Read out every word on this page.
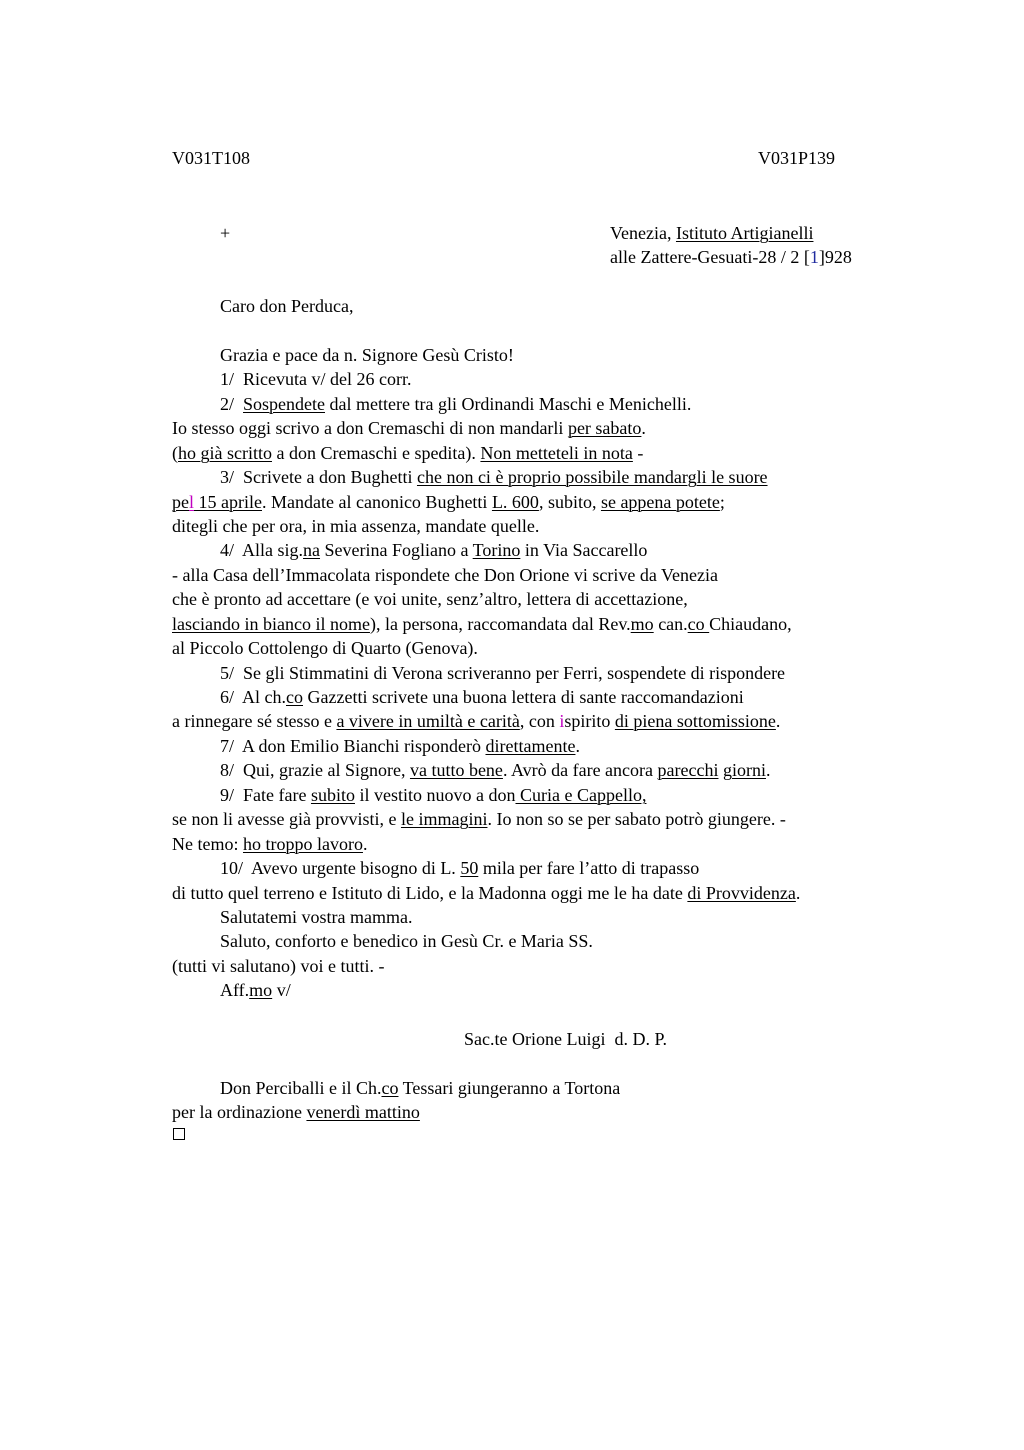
V031T108	V031P139
+	Venezia, Istituto Artigianelli
alle Zattere-Gesuati-28 / 2 [1]928
Caro don Perduca,
Grazia e pace da n. Signore Gesù Cristo!
1/  Ricevuta v/ del 26 corr.
2/  Sospendete dal mettere tra gli Ordinandi Maschi e Menichelli.
Io stesso oggi scrivo a don Cremaschi di non mandarli per sabato.
(ho già scritto a don Cremaschi e spedita). Non metteteli in nota -
3/  Scrivete a don Bughetti che non ci è proprio possibile mandargli le suore
pel 15 aprile. Mandate al canonico Bughetti L. 600, subito, se appena potete;
ditegli che per ora, in mia assenza, mandate quelle.
4/  Alla sig.na Severina Fogliano a Torino in Via Saccarello
- alla Casa dell’Immacolata rispondete che Don Orione vi scrive da Venezia
che è pronto ad accettare (e voi unite, senz’altro, lettera di accettazione,
lasciando in bianco il nome), la persona, raccomandata dal Rev.mo can.co Chiaudano,
al Piccolo Cottolengo di Quarto (Genova).
5/  Se gli Stimmatini di Verona scriveranno per Ferri, sospendete di rispondere
6/  Al ch.co Gazzetti scrivete una buona lettera di sante raccomandazioni
a rinnegare sé stesso e a vivere in umiltà e carità, con ispirito di piena sottomissione.
7/  A don Emilio Bianchi risponderò direttamente.
8/  Qui, grazie al Signore, va tutto bene. Avrò da fare ancora parecchi giorni.
9/  Fate fare subito il vestito nuovo a don Curia e Cappello,
se non li avesse già provvisti, e le immagini. Io non so se per sabato potrò giungere. -
Ne temo: ho troppo lavoro.
10/  Avevo urgente bisogno di L. 50 mila per fare l’atto di trapasso
di tutto quel terreno e Istituto di Lido, e la Madonna oggi me le ha date di Provvidenza.
Salutatemi vostra mamma.
Saluto, conforto e benedico in Gesù Cr. e Maria SS.
(tutti vi salutano) voi e tutti. -
Aff.mo v/
Sac.te Orione Luigi  d. D. P.
Don Perciballi e il Ch.co Tessari giungeranno a Tortona
per la ordinazione venerdì mattino
